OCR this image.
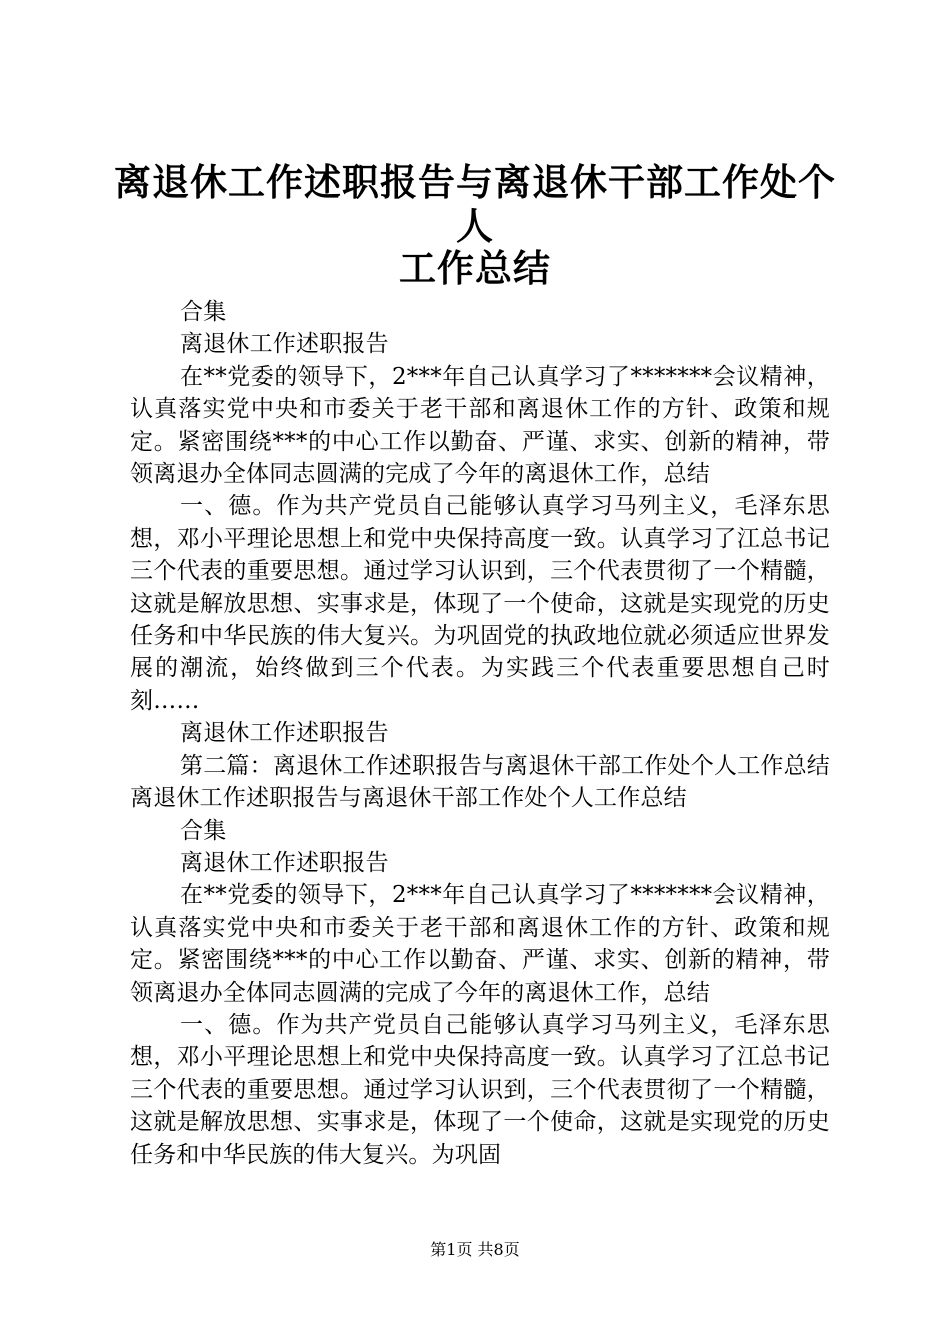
离退休工作述职报告与离退休干部工作处个人
工作总结

合集

离退休工作述职报告

在**党委的领导下，2***年自己认真学习了*******会议精神，认真落实党中央和市委关于老干部和离退休工作的方针、政策和规定。紧密围绕***的中心工作以勤奋、严谨、求实、创新的精神，带领离退办全体同志圆满的完成了今年的离退休工作，总结

一、德。作为共产党员自己能够认真学习马列主义，毛泽东思想，邓小平理论思想上和党中央保持高度一致。认真学习了江总书记三个代表的重要思想。通过学习认识到，三个代表贯彻了一个精髓，这就是解放思想、实事求是，体现了一个使命，这就是实现党的历史任务和中华民族的伟大复兴。为巩固党的执政地位就必须适应世界发展的潮流，始终做到三个代表。为实践三个代表重要思想自己时刻……

离退休工作述职报告

第二篇：离退休工作述职报告与离退休干部工作处个人工作总结离退休工作述职报告与离退休干部工作处个人工作总结

合集

离退休工作述职报告

在**党委的领导下，2***年自己认真学习了*******会议精神，认真落实党中央和市委关于老干部和离退休工作的方针、政策和规定。紧密围绕***的中心工作以勤奋、严谨、求实、创新的精神，带领离退办全体同志圆满的完成了今年的离退休工作，总结

一、德。作为共产党员自己能够认真学习马列主义，毛泽东思想，邓小平理论思想上和党中央保持高度一致。认真学习了江总书记三个代表的重要思想。通过学习认识到，三个代表贯彻了一个精髓，这就是解放思想、实事求是，体现了一个使命，这就是实现党的历史任务和中华民族的伟大复兴。为巩固

第1页 共8页
